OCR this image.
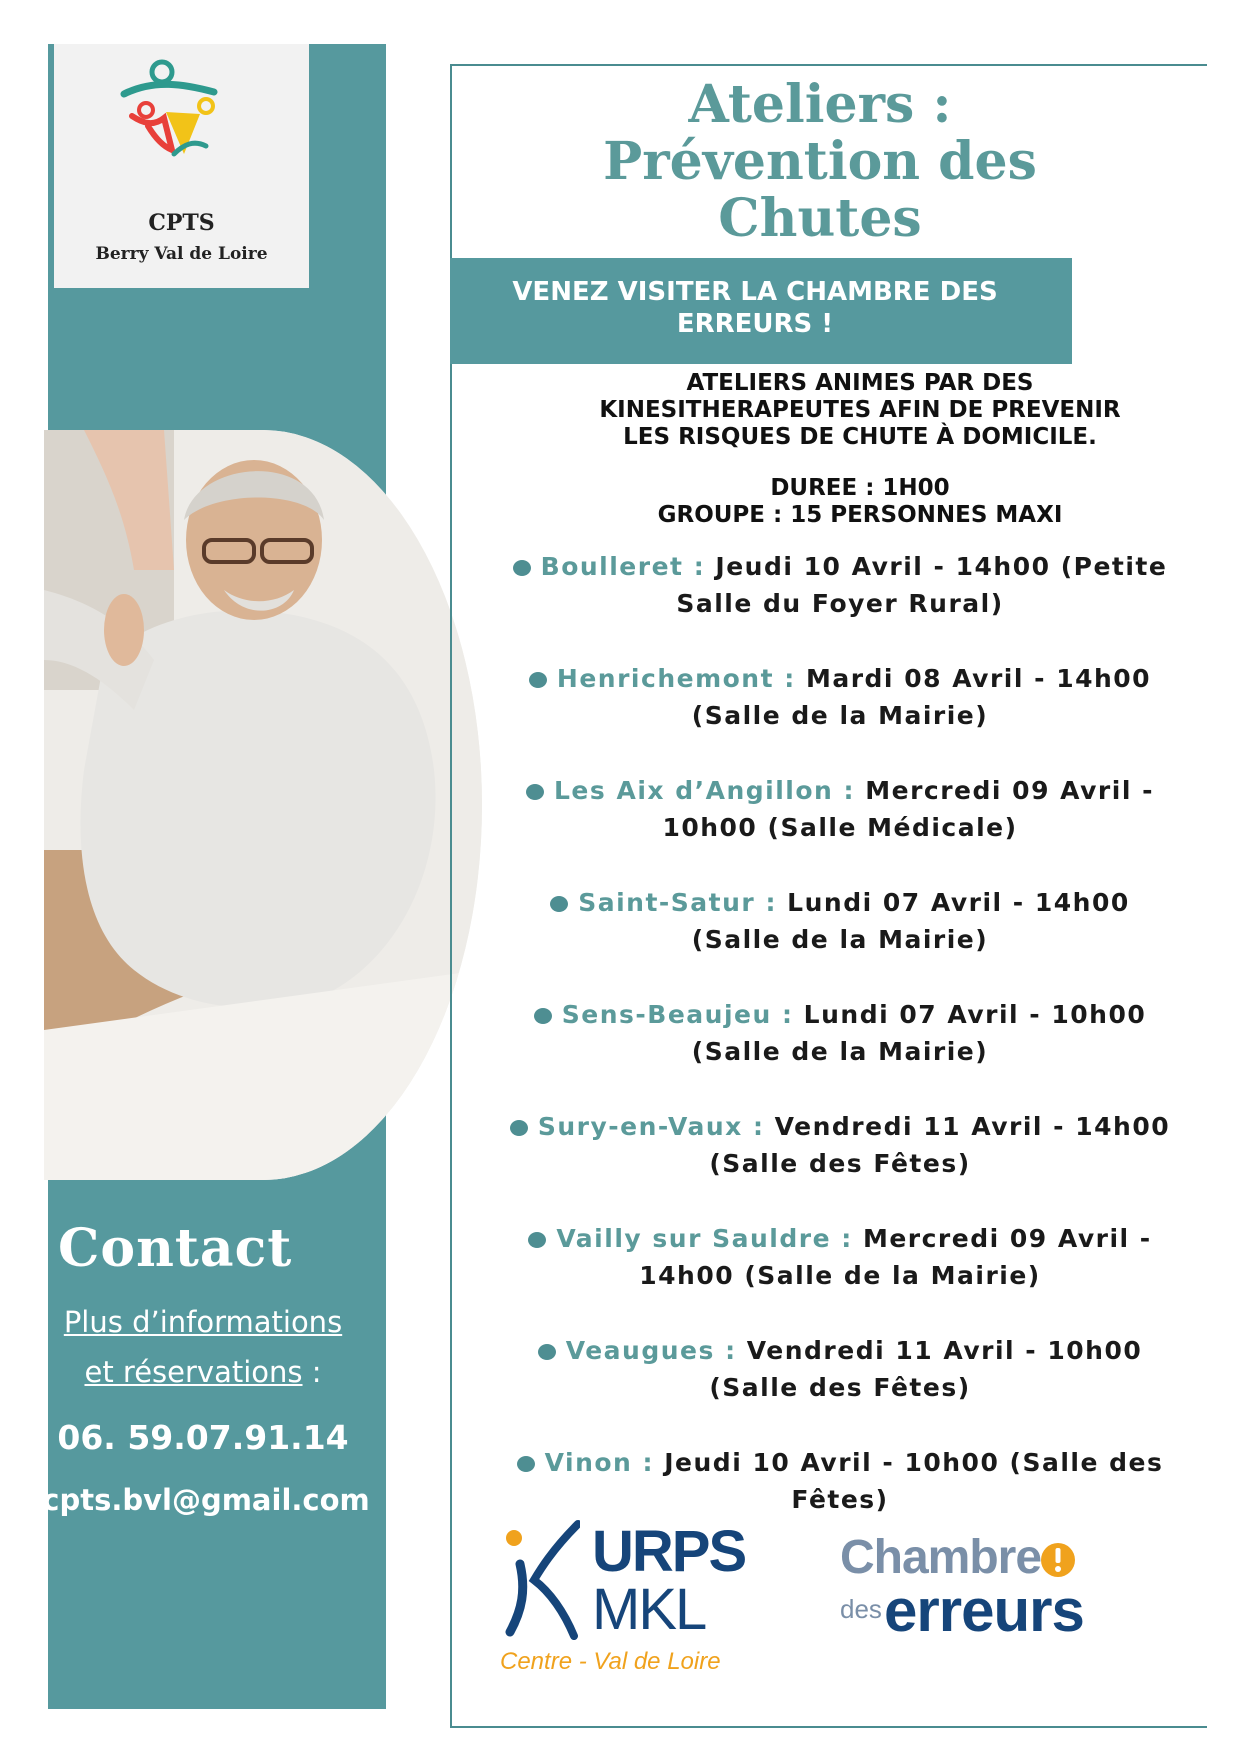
CPTS
Berry Val de Loire
Contact
Plus d’informations
et réservations :
06. 59.07.91.14
cpts.bvl@gmail.com
Ateliers :
Prévention des
Chutes
VENEZ VISITER LA CHAMBRE DES
ERREURS !
ATELIERS ANIMES PAR DES
KINESITHERAPEUTES AFIN DE PREVENIR
LES RISQUES DE CHUTE À DOMICILE.
DUREE : 1H00
GROUPE : 15 PERSONNES MAXI
Boulleret : Jeudi 10 Avril - 14h00 (Petite
Salle du Foyer Rural)
Henrichemont : Mardi 08 Avril - 14h00
(Salle de la Mairie)
Les Aix d’Angillon : Mercredi 09 Avril -
10h00 (Salle Médicale)
Saint-Satur : Lundi 07 Avril - 14h00
(Salle de la Mairie)
Sens-Beaujeu : Lundi 07 Avril - 10h00
(Salle de la Mairie)
Sury-en-Vaux : Vendredi 11 Avril - 14h00
(Salle des Fêtes)
Vailly sur Sauldre : Mercredi 09 Avril -
14h00 (Salle de la Mairie)
Veaugues : Vendredi 11 Avril - 10h00
(Salle des Fêtes)
Vinon : Jeudi 10 Avril - 10h00 (Salle des
Fêtes)
URPS
MKL
Centre - Val de Loire
Chambre
des erreurs
